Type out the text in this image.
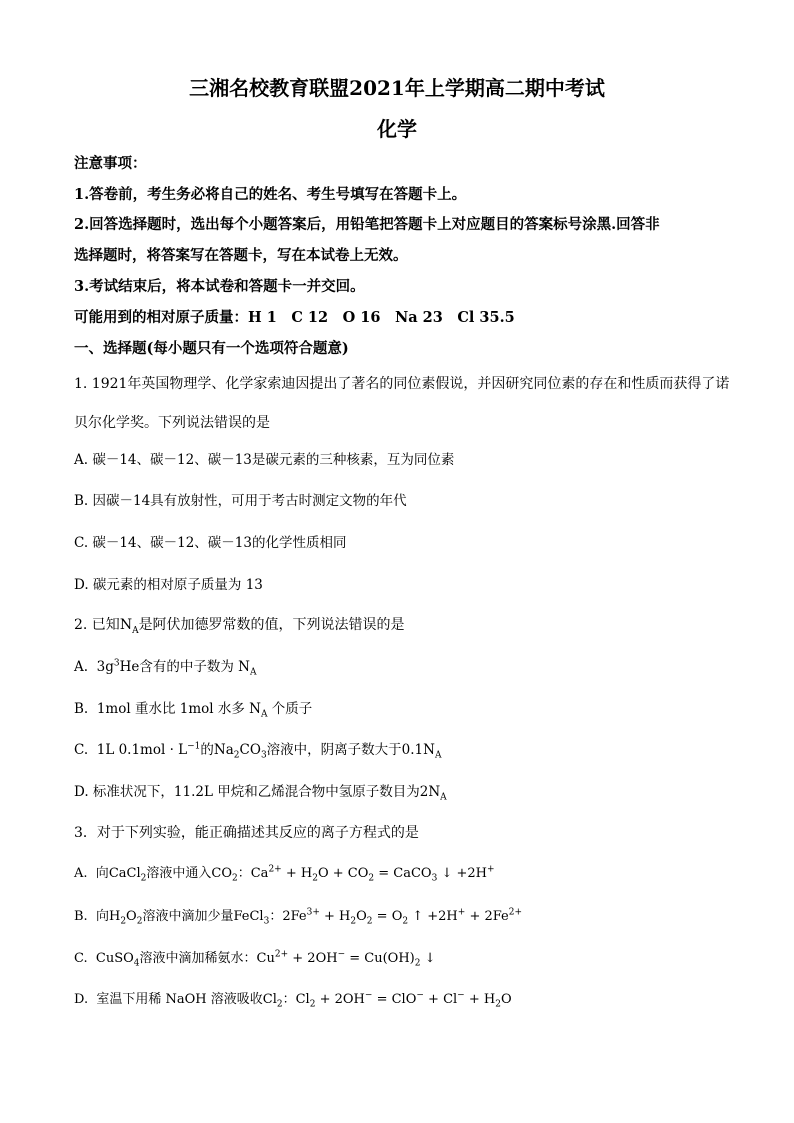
三湘名校教育联盟2021年上学期高二期中考试
化学
注意事项：
1.答卷前，考生务必将自己的姓名、考生号填写在答题卡上。
2.回答选择题时，选出每个小题答案后，用铅笔把答题卡上对应题目的答案标号涂黑.回答非
选择题时，将答案写在答题卡，写在本试卷上无效。
3.考试结束后，将本试卷和答题卡一并交回。
可能用到的相对原子质量：H 1　C 12　O 16　Na 23　Cl 35.5
一、选择题(每小题只有一个选项符合题意)
1. 1921年英国物理学、化学家索迪因提出了著名的同位素假说，并因研究同位素的存在和性质而获得了诺
贝尔化学奖。下列说法错误的是
A. 碳－14、碳－12、碳－13是碳元素的三种核素，互为同位素
B. 因碳－14具有放射性，可用于考古时测定文物的年代
C. 碳－14、碳－12、碳－13的化学性质相同
D. 碳元素的相对原子质量为 13
2. 已知$N_A$是阿伏加德罗常数的值，下列说法错误的是
A. $3g^3He$含有的中子数为 $N_A$
B. 1mol 重水比 1mol 水多 $N_A$ 个质子
C. 1L $0.1mol \cdot L^{-1}$的$Na_2CO_3$溶液中，阴离子数大于$0.1N_A$
D. 标准状况下，11.2L 甲烷和乙烯混合物中氢原子数目为$2N_A$
3．对于下列实验，能正确描述其反应的离子方程式的是
A. 向CaCl$_2$溶液中通入$CO_2$：$Ca^{2+} + H_2O + CO_2$ = CaCO$_3$ ↓ +2H+
B. 向$H_2O_2$溶液中滴加少量FeCl$_3$：$2Fe^{3+} + H_2O_2 = O_2$ ↑ $+2H^+ + 2Fe^{2+}$
C. CuSO$_4$溶液中滴加稀氨水：$Cu^{2+} + 2OH^- = Cu(OH)_2$ ↓
D. 室温下用稀 NaOH 溶液吸收$Cl_2$：$Cl_2 + 2OH^- = ClO^- + Cl^- + H_2O$
